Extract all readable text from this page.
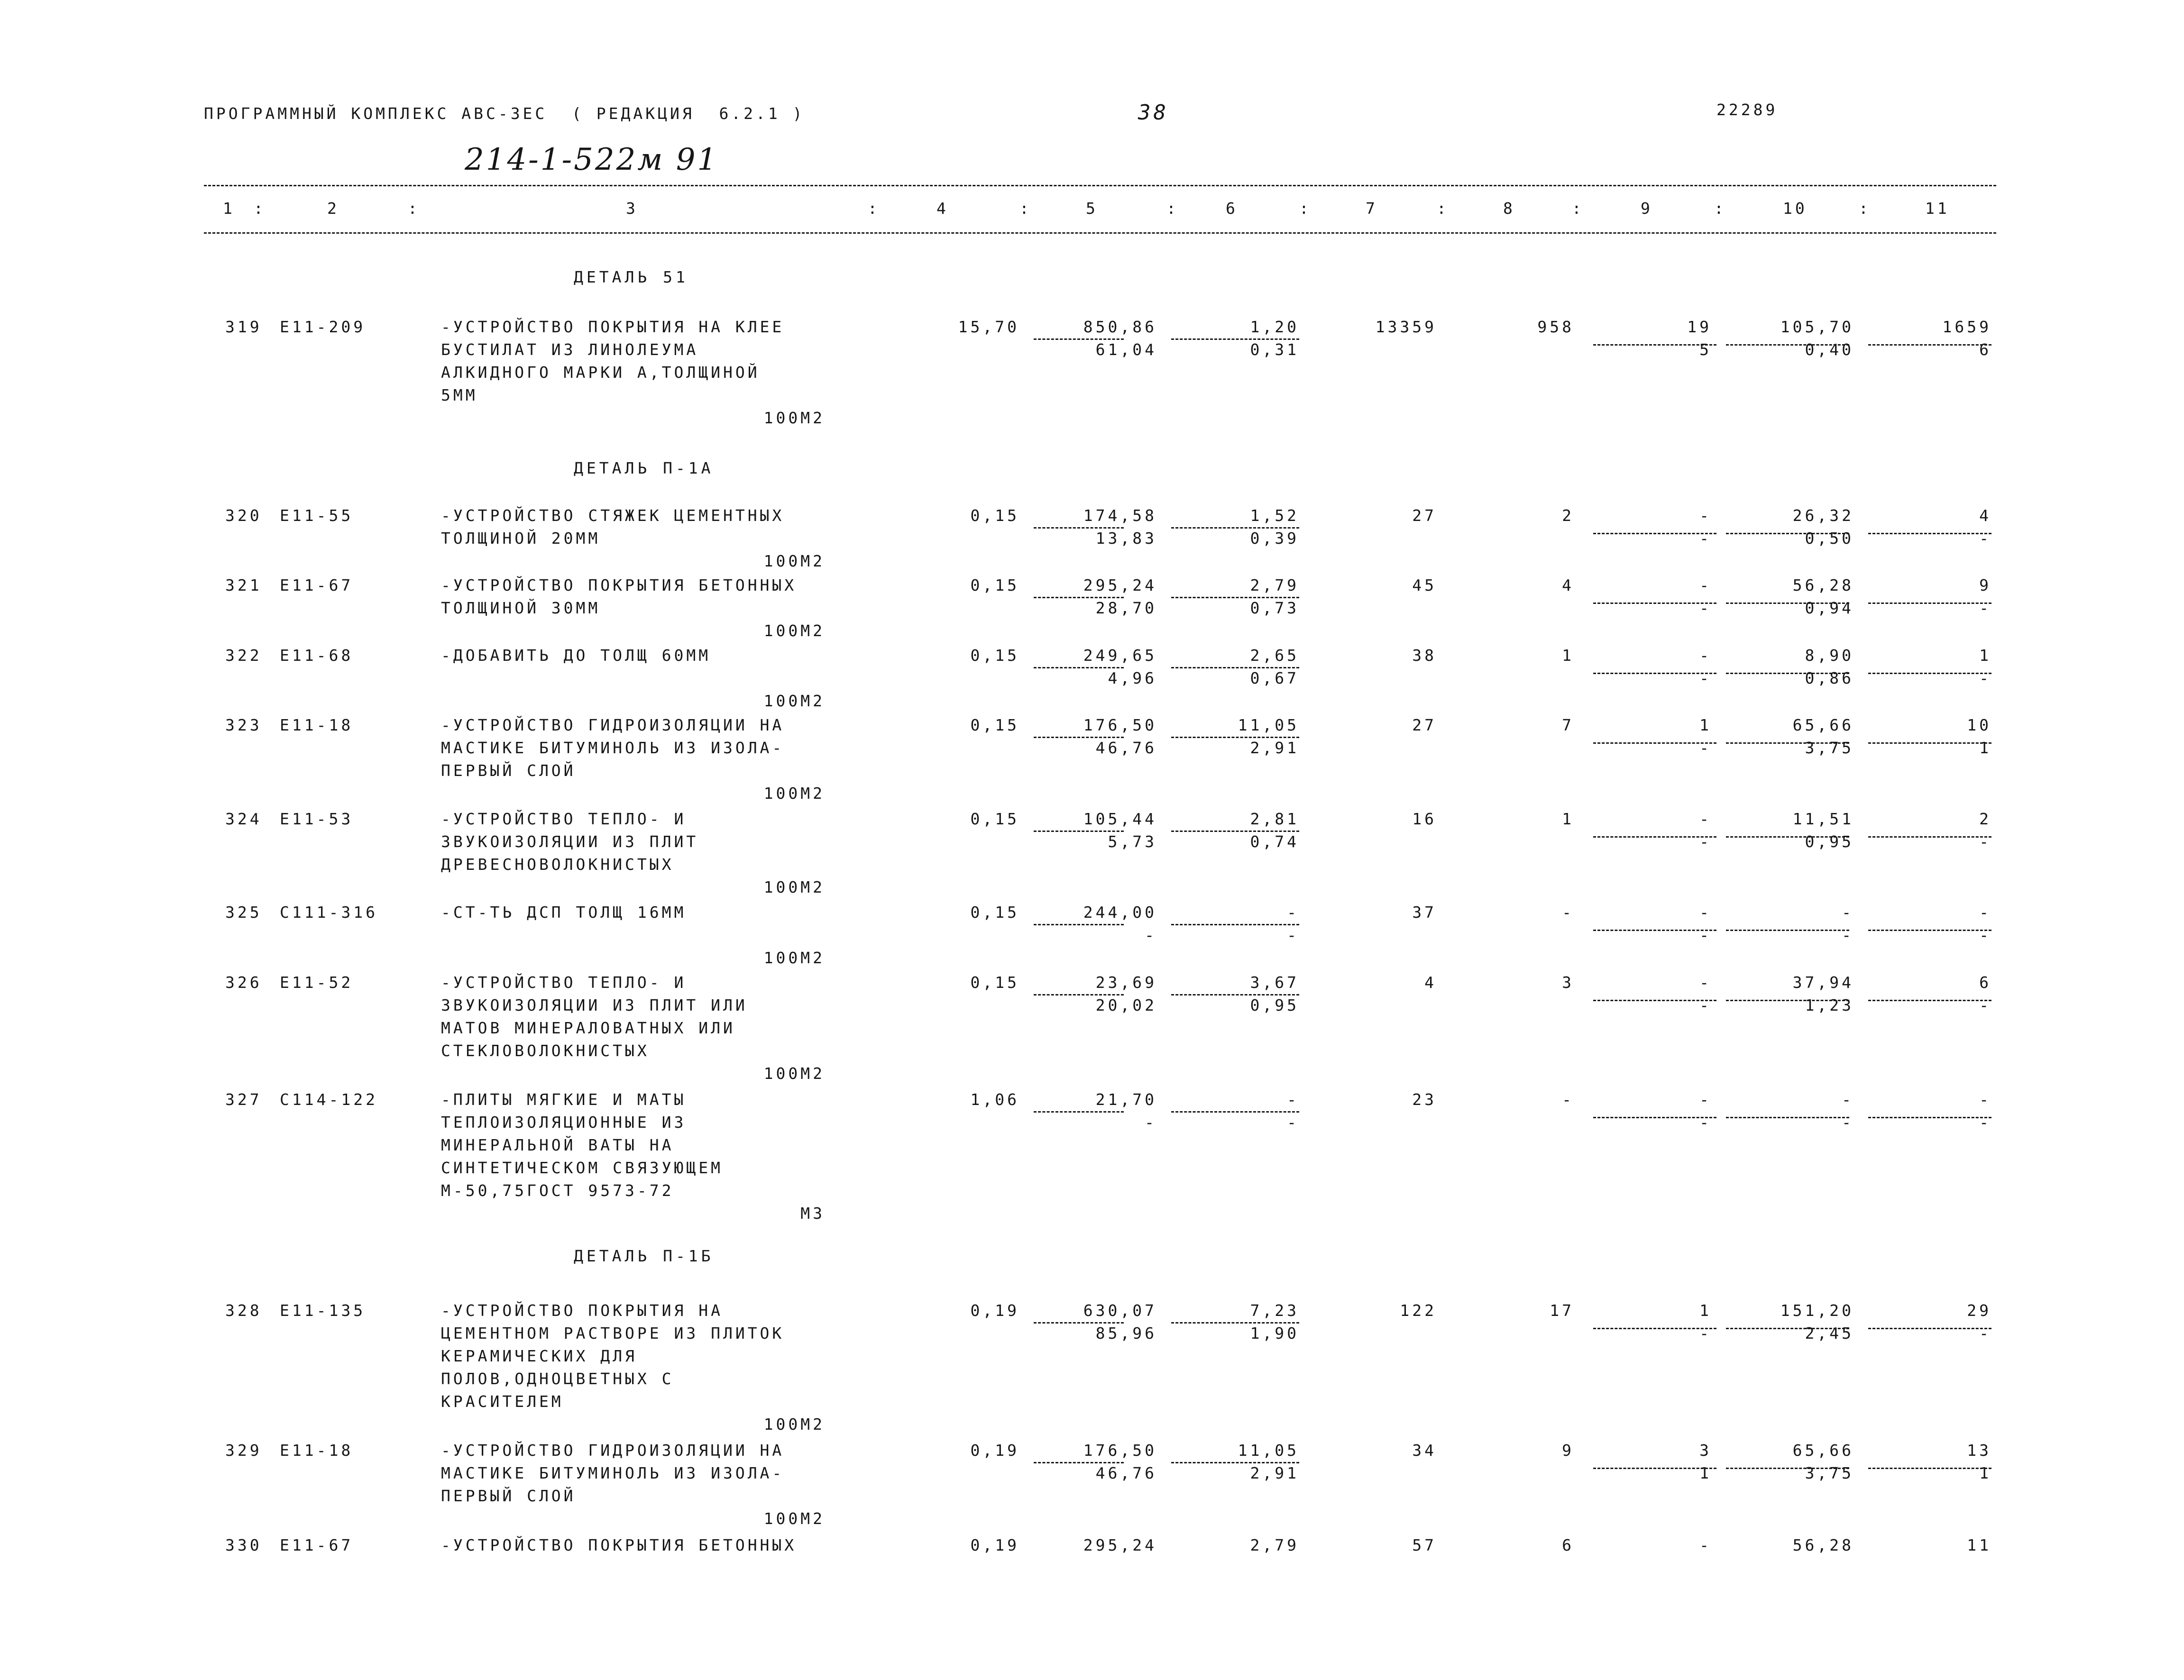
ПРОГРАММНЫЙ КОМПЛЕКС АВС-3ЕС  ( РЕДАКЦИЯ  6.2.1 )	38	22289
214-1-522м 91
1 :	2	:	3	:	4	:	5	:	6	:	7	:	8	:	9	:	10	:	11
ДЕТАЛЬ 51
319 Е11-209	-УСТРОЙСТВО ПОКРЫТИЯ НА КЛЕЕ
БУСТИЛАТ ИЗ ЛИНОЛЕУМА
АЛКИДНОГО МАРКИ А,ТОЛЩИНОЙ
5ММ
100М2
15,70	850,86	1,20	13359	958	19	105,70	1659
61,04	0,31	5	0,40	6
ДЕТАЛЬ П-1А
320 Е11-55	-УСТРОЙСТВО СТЯЖЕК ЦЕМЕНТНЫХ
ТОЛЩИНОЙ 20ММ
100М2
0,15	174,58	1,52	27	2	-	26,32	4
13,83	0,39	-	0,50	-
321 Е11-67	-УСТРОЙСТВО ПОКРЫТИЯ БЕТОННЫХ
ТОЛЩИНОЙ 30ММ
100М2
0,15	295,24	2,79	45	4	-	56,28	9
28,70	0,73	-	0,94	-
322 Е11-68	-ДОБАВИТЬ ДО ТОЛЩ 60ММ
100М2
0,15	249,65	2,65	38	1	-	8,90	1
4,96	0,67	-	0,86	-
323 Е11-18	-УСТРОЙСТВО ГИДРОИЗОЛЯЦИИ НА
МАСТИКЕ БИТУМИНОЛЬ ИЗ ИЗОЛА-
ПЕРВЫЙ СЛОЙ
100М2
0,15	176,50	11,05	27	7	1	65,66	10
46,76	2,91	-	3,75	1
324 Е11-53	-УСТРОЙСТВО ТЕПЛО- И
ЗВУКОИЗОЛЯЦИИ ИЗ ПЛИТ
ДРЕВЕСНОВОЛОКНИСТЫХ
100М2
0,15	105,44	2,81	16	1	-	11,51	2
5,73	0,74	-	0,95	-
325 С111-316	-СТ-ТЬ ДСП ТОЛЩ 16ММ
100М2
0,15	244,00	-	37	-	-	-	-
-	-	-	-	-
326 Е11-52	-УСТРОЙСТВО ТЕПЛО- И
ЗВУКОИЗОЛЯЦИИ ИЗ ПЛИТ ИЛИ
МАТОВ МИНЕРАЛОВАТНЫХ ИЛИ
СТЕКЛОВОЛОКНИСТЫХ
100М2
0,15	23,69	3,67	4	3	-	37,94	6
20,02	0,95	-	1,23	-
327 С114-122	-ПЛИТЫ МЯГКИЕ И МАТЫ
ТЕПЛОИЗОЛЯЦИОННЫЕ ИЗ
МИНЕРАЛЬНОЙ ВАТЫ НА
СИНТЕТИЧЕСКОМ СВЯЗУЮЩЕМ
М-50,75ГОСТ 9573-72
М3
1,06	21,70	-	23	-	-	-	-
-	-	-	-	-
ДЕТАЛЬ П-1Б
328 Е11-135	-УСТРОЙСТВО ПОКРЫТИЯ НА
ЦЕМЕНТНОМ РАСТВОРЕ ИЗ ПЛИТОК
КЕРАМИЧЕСКИХ ДЛЯ
ПОЛОВ,ОДНОЦВЕТНЫХ С
КРАСИТЕЛЕМ
100М2
0,19	630,07	7,23	122	17	1	151,20	29
85,96	1,90	-	2,45	-
329 Е11-18	-УСТРОЙСТВО ГИДРОИЗОЛЯЦИИ НА
МАСТИКЕ БИТУМИНОЛЬ ИЗ ИЗОЛА-
ПЕРВЫЙ СЛОЙ
100М2
0,19	176,50	11,05	34	9	3	65,66	13
46,76	2,91	1	3,75	1
330 Е11-67	-УСТРОЙСТВО ПОКРЫТИЯ БЕТОННЫХ	0,19	295,24	2,79	57	6	-	56,28	11
